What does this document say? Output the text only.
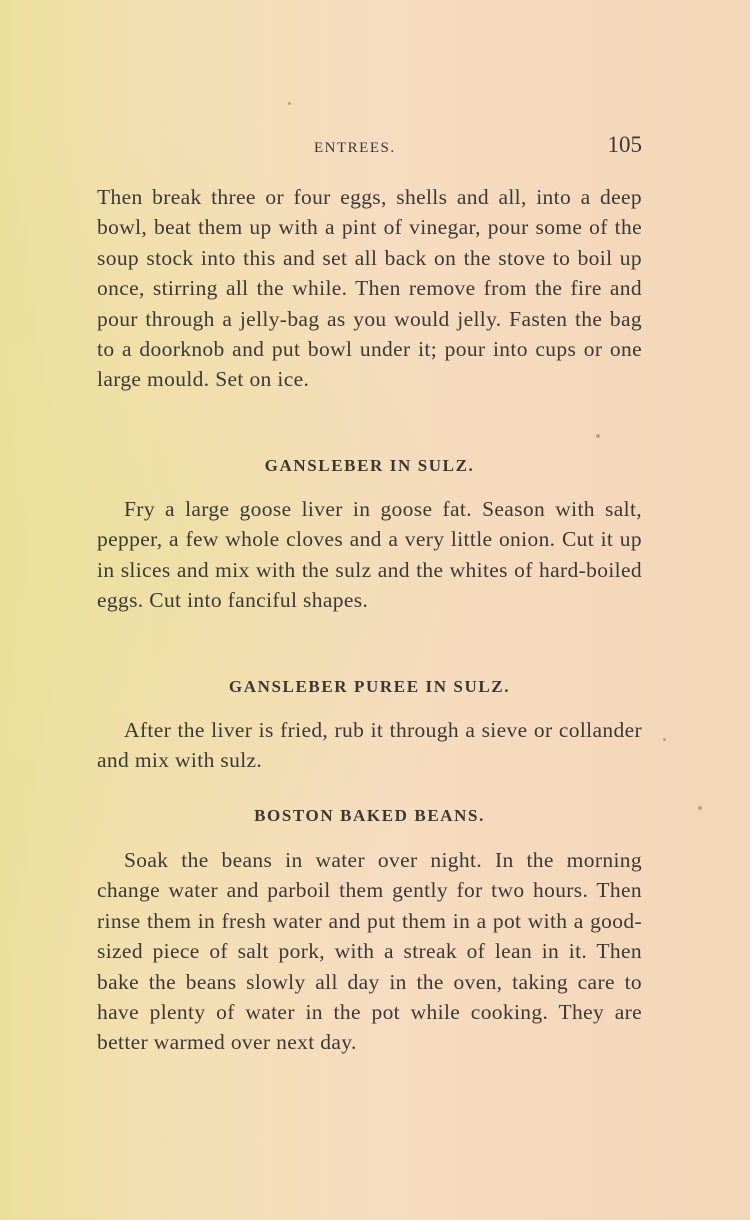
ENTREES.	105

Then break three or four eggs, shells and all, into a deep bowl, beat them up with a pint of vinegar, pour some of the soup stock into this and set all back on the stove to boil up once, stirring all the while. Then remove from the fire and pour through a jelly-bag as you would jelly. Fasten the bag to a doorknob and put bowl under it; pour into cups or one large mould. Set on ice.

GANSLEBER IN SULZ.

Fry a large goose liver in goose fat. Season with salt, pepper, a few whole cloves and a very little onion. Cut it up in slices and mix with the sulz and the whites of hard-boiled eggs. Cut into fanciful shapes.

GANSLEBER PUREE IN SULZ.

After the liver is fried, rub it through a sieve or collander and mix with sulz.

BOSTON BAKED BEANS.

Soak the beans in water over night. In the morning change water and parboil them gently for two hours. Then rinse them in fresh water and put them in a pot with a good-sized piece of salt pork, with a streak of lean in it. Then bake the beans slowly all day in the oven, taking care to have plenty of water in the pot while cooking. They are better warmed over next day.
